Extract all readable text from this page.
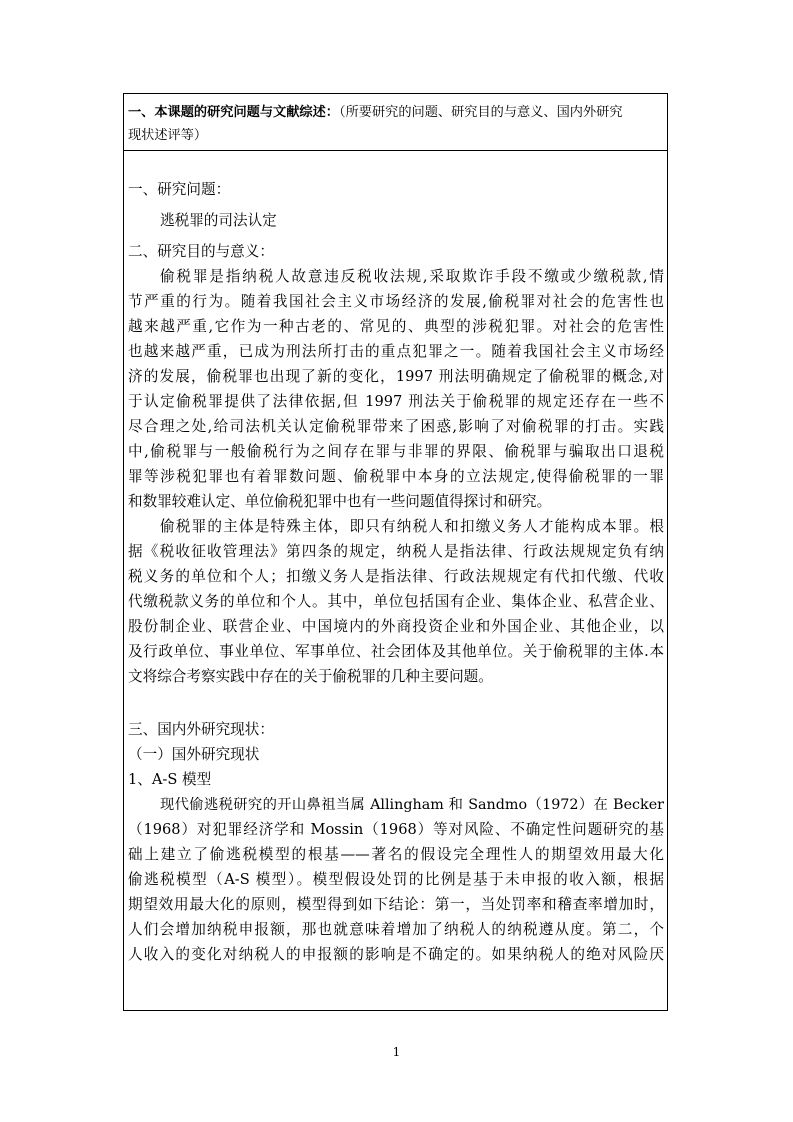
一、本课题的研究问题与文献综述：（所要研究的问题、研究目的与意义、国内外研究
现状述评等）
一、研究问题：
逃税罪的司法认定
二、研究目的与意义：
偷税罪是指纳税人故意违反税收法规,采取欺诈手段不缴或少缴税款,情
节严重的行为。随着我国社会主义市场经济的发展,偷税罪对社会的危害性也
越来越严重,它作为一种古老的、常见的、典型的涉税犯罪。对社会的危害性
也越来越严重，已成为刑法所打击的重点犯罪之一。随着我国社会主义市场经
济的发展，偷税罪也出现了新的变化，1997 刑法明确规定了偷税罪的概念,对
于认定偷税罪提供了法律依据,但 1997 刑法关于偷税罪的规定还存在一些不
尽合理之处,给司法机关认定偷税罪带来了困惑,影响了对偷税罪的打击。实践
中,偷税罪与一般偷税行为之间存在罪与非罪的界限、偷税罪与骗取出口退税
罪等涉税犯罪也有着罪数问题、偷税罪中本身的立法规定,使得偷税罪的一罪
和数罪较难认定、单位偷税犯罪中也有一些问题值得探讨和研究。
偷税罪的主体是特殊主体，即只有纳税人和扣缴义务人才能构成本罪。根
据《税收征收管理法》第四条的规定，纳税人是指法律、行政法规规定负有纳
税义务的单位和个人；扣缴义务人是指法律、行政法规规定有代扣代缴、代收
代缴税款义务的单位和个人。其中，单位包括国有企业、集体企业、私营企业、
股份制企业、联营企业、中国境内的外商投资企业和外国企业、其他企业，以
及行政单位、事业单位、军事单位、社会团体及其他单位。关于偷税罪的主体.本
文将综合考察实践中存在的关于偷税罪的几种主要问题。
三、国内外研究现状：
（一）国外研究现状
1、A-S 模型
现代偷逃税研究的开山鼻祖当属 Allingham 和 Sandmo（1972）在 Becker
（1968）对犯罪经济学和 Mossin（1968）等对风险、不确定性问题研究的基
础上建立了偷逃税模型的根基——著名的假设完全理性人的期望效用最大化
偷逃税模型（A-S 模型）。模型假设处罚的比例是基于未申报的收入额，根据
期望效用最大化的原则，模型得到如下结论：第一，当处罚率和稽查率增加时，
人们会增加纳税申报额，那也就意味着增加了纳税人的纳税遵从度。第二，个
人收入的变化对纳税人的申报额的影响是不确定的。如果纳税人的绝对风险厌
1
